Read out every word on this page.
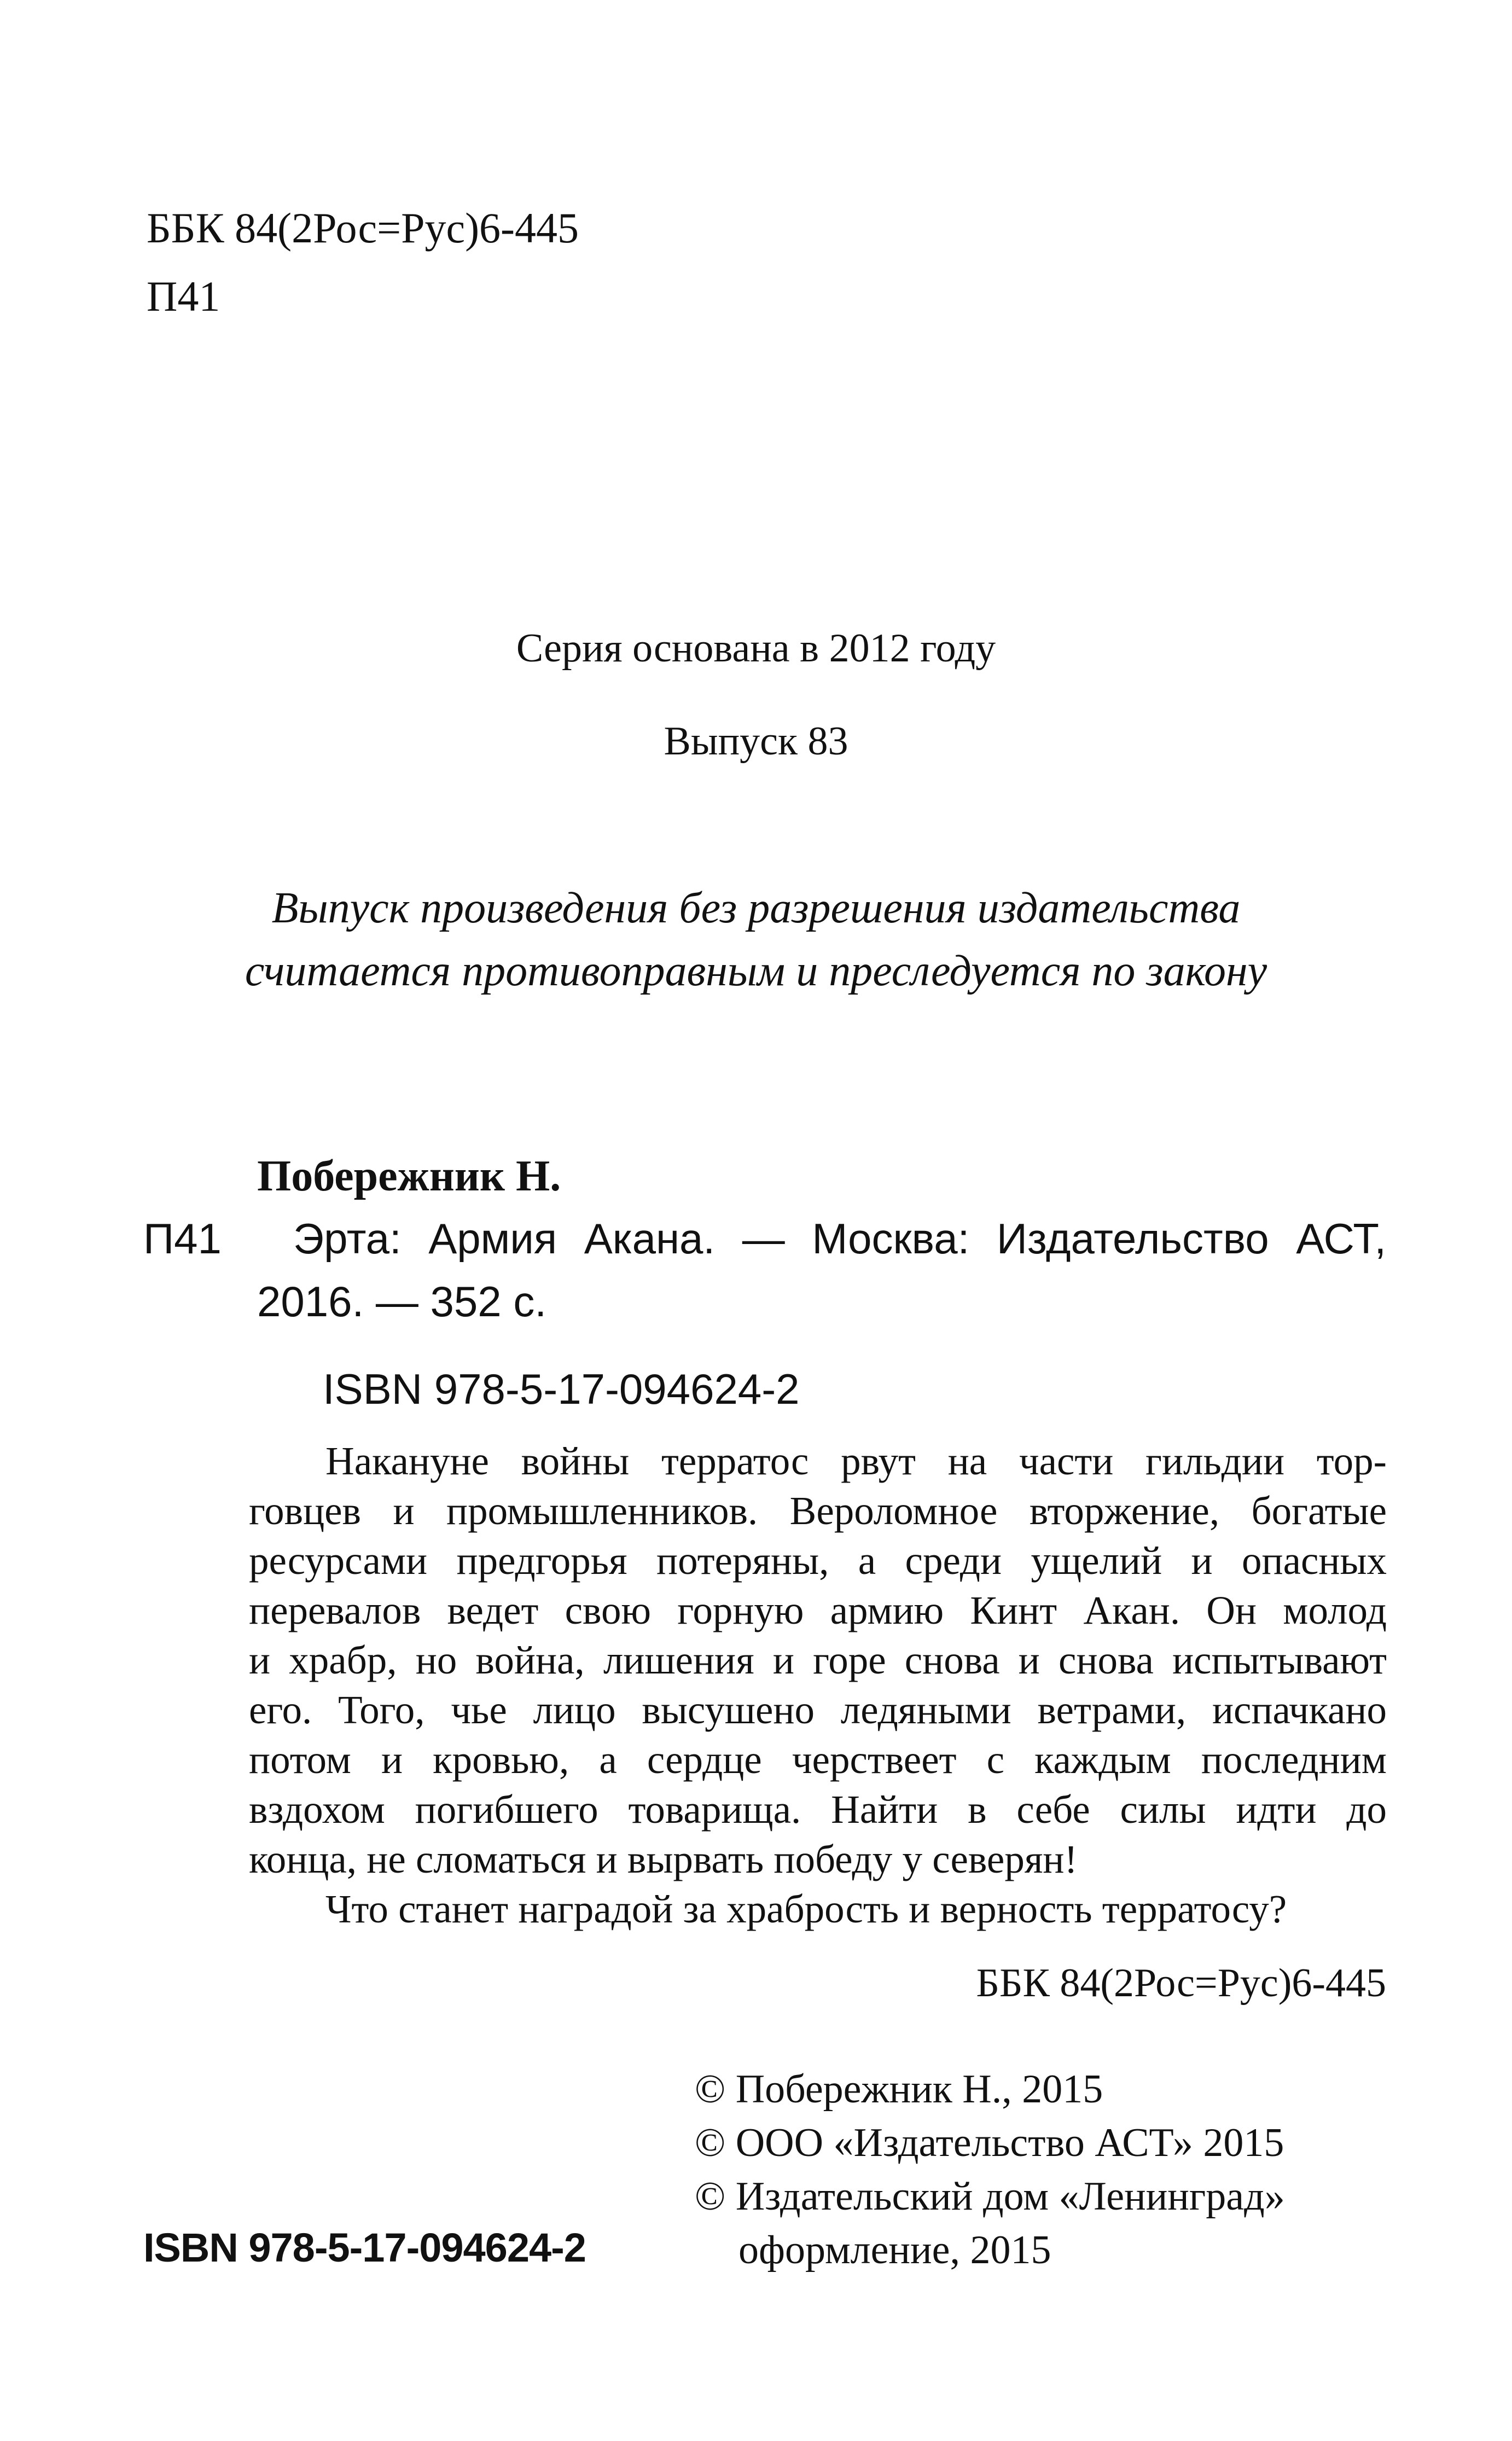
ББК 84(2Рос=Рус)6-445
П41
Серия основана в 2012 году
Выпуск 83
Выпуск произведения без разрешения издательства
считается противоправным и преследуется по закону
Побережник Н.
П41 Эрта: Армия Акана. — Москва: Издательство АСТ,
2016. — 352 с.
ISBN 978-5-17-094624-2
Накануне войны терратос рвут на части гильдии тор-
говцев и промышленников. Вероломное вторжение, богатые
ресурсами предгорья потеряны, а среди ущелий и опасных
перевалов ведет свою горную армию Кинт Акан. Он молод
и храбр, но война, лишения и горе снова и снова испытывают
его. Того, чье лицо высушено ледяными ветрами, испачкано
потом и кровью, а сердце черствеет с каждым последним
вздохом погибшего товарища. Найти в себе силы идти до
конца, не сломаться и вырвать победу у северян!
Что станет наградой за храбрость и верность терратосу?
ББК 84(2Рос=Рус)6-445
© Побережник Н., 2015
© ООО «Издательство АСТ» 2015
© Издательский дом «Ленинград»
оформление, 2015
ISBN 978-5-17-094624-2
